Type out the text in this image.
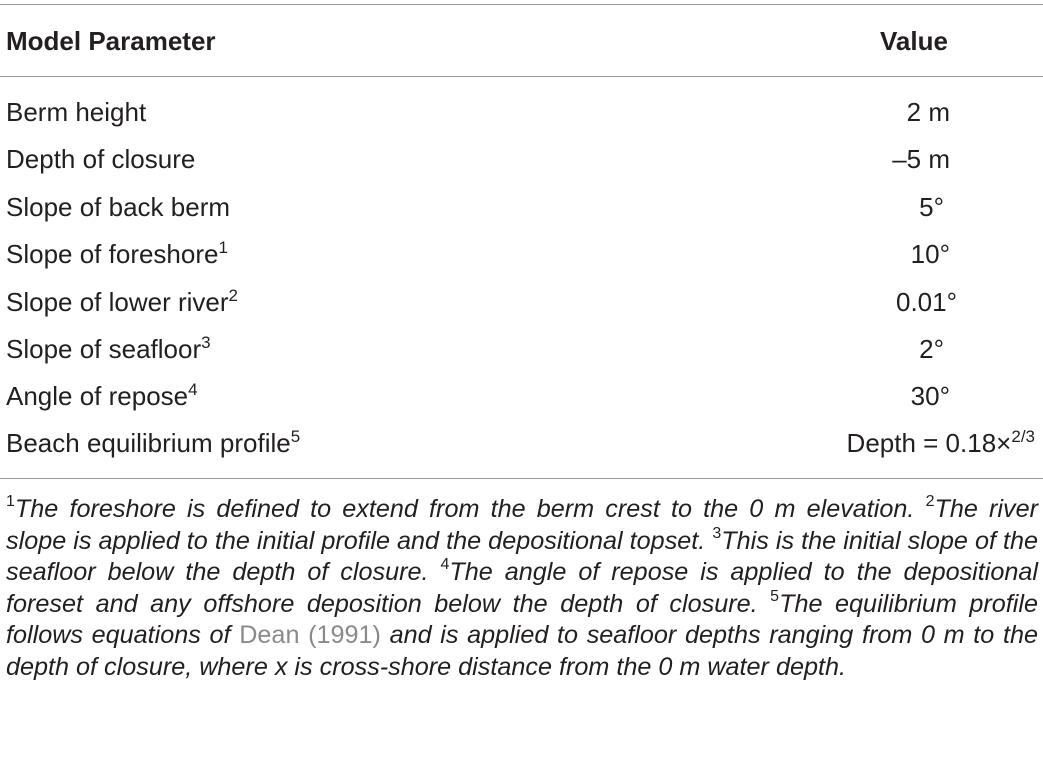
Model Parameter	Value
Berm height	2 m
Depth of closure	–5 m
Slope of back berm	5°
Slope of foreshore$^1$	10°
Slope of lower river$^2$	0.01°
Slope of seafloor$^3$	2°
Angle of repose$^4$	30°
Beach equilibrium profile$^5$	Depth = 0.18×$^{2/3}$
$^1$The foreshore is defined to extend from the berm crest to the 0 m elevation. $^2$The river slope is applied to the initial profile and the depositional topset. $^3$This is the initial slope of the seafloor below the depth of closure. $^4$The angle of repose is applied to the depositional foreset and any offshore deposition below the depth of closure. $^5$The equilibrium profile follows equations of Dean (1991) and is applied to seafloor depths ranging from 0 m to the depth of closure, where x is cross-shore distance from the 0 m water depth.
